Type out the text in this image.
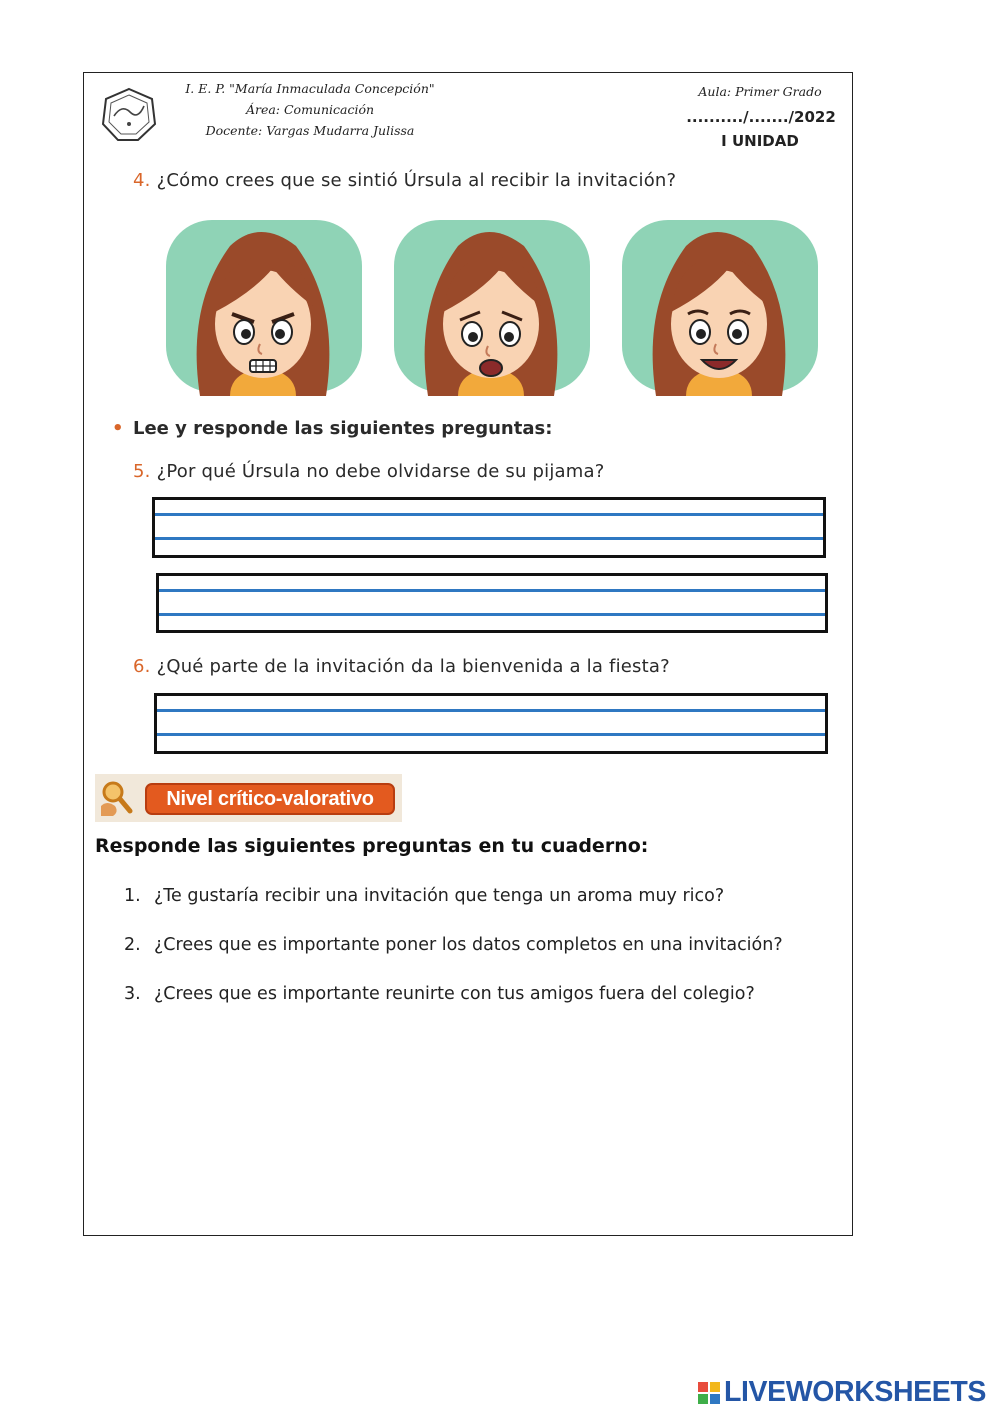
I. E. P. "María Inmaculada Concepción"
Área: Comunicación
Docente: Vargas Mudarra Julissa
Aula: Primer Grado
........../......./2022
I UNIDAD
4. ¿Cómo crees que se sintió Úrsula al recibir la invitación?
• Lee y responde las siguientes preguntas:
5. ¿Por qué Úrsula no debe olvidarse de su pijama?
6. ¿Qué parte de la invitación da la bienvenida a la fiesta?
Nivel crítico-valorativo
Responde las siguientes preguntas en tu cuaderno:
1. ¿Te gustaría recibir una invitación que tenga un aroma muy rico?
2. ¿Crees que es importante poner los datos completos en una invitación?
3. ¿Crees que es importante reunirte con tus amigos fuera del colegio?
LIVEWORKSHEETS
